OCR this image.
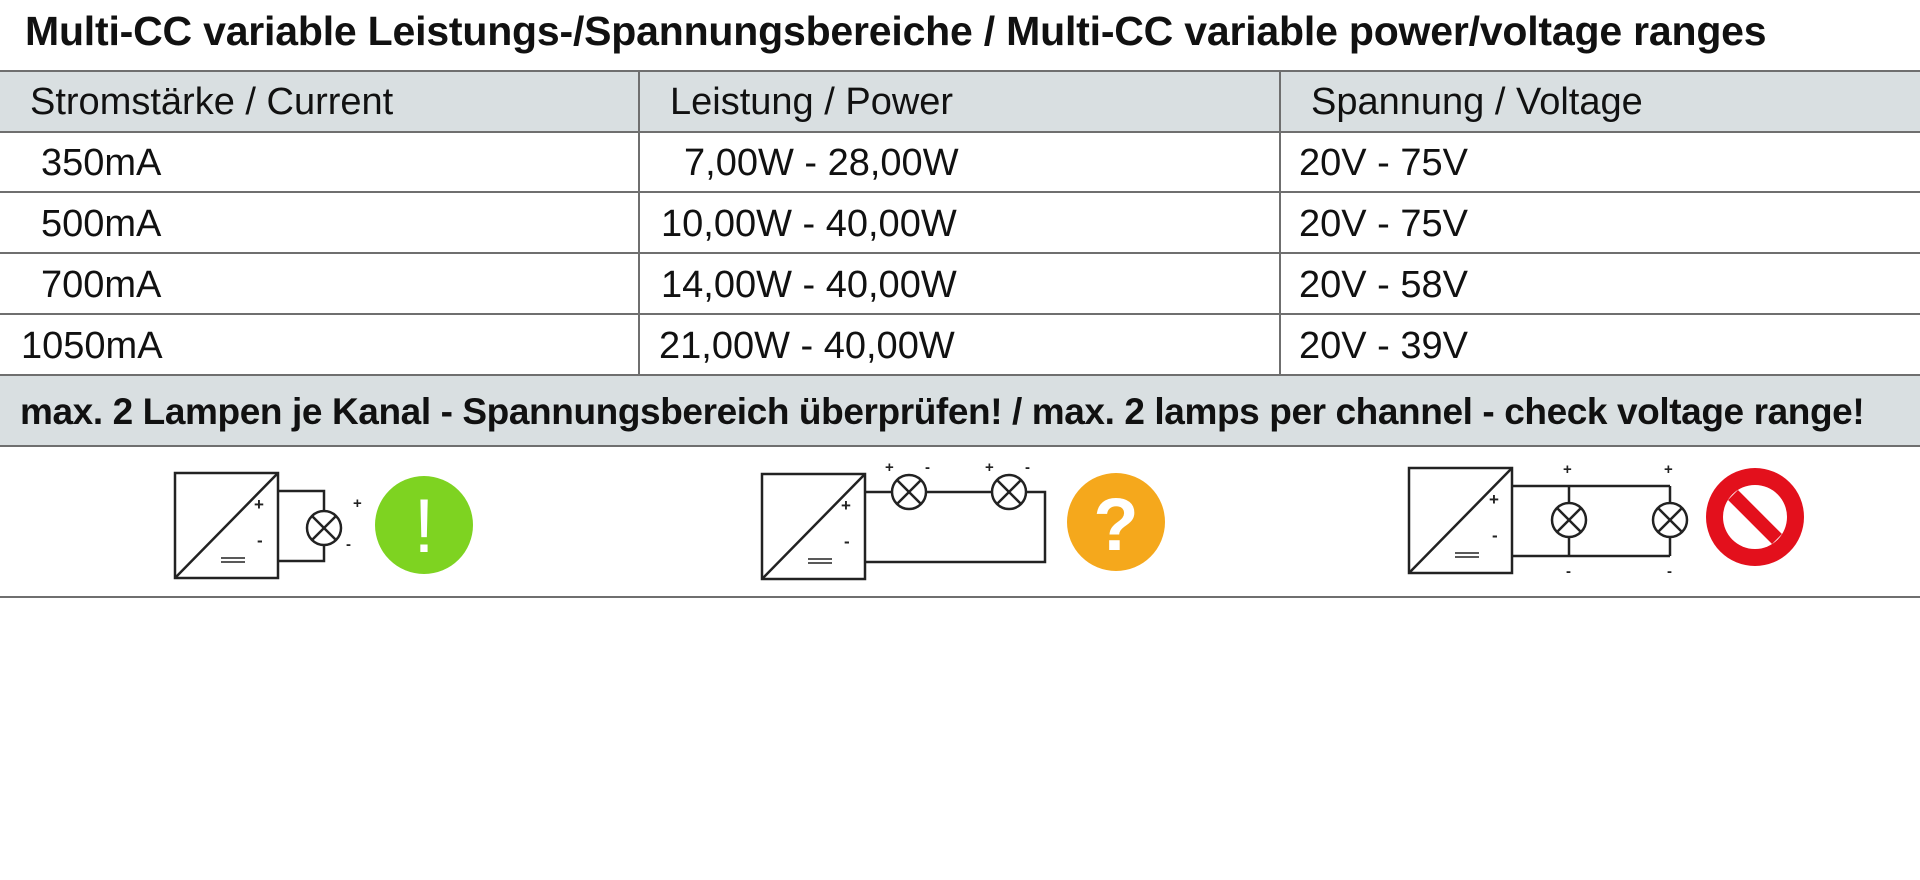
Multi-CC variable Leistungs-/Spannungsbereiche / Multi-CC variable power/voltage ranges
Stromstärke / Current	Leistung / Power	Spannung / Voltage
350mA	7,00W - 28,00W	20V - 75V
500mA	10,00W - 40,00W	20V - 75V
700mA	14,00W - 40,00W	20V - 58V
1050mA	21,00W - 40,00W	20V - 39V
max. 2 Lampen je Kanal - Spannungsbereich überprüfen! / max. 2 lamps per channel - check voltage range!
+
-
+
- !	+
-
+ -	+ -
?	+
-
+	+
-	-
